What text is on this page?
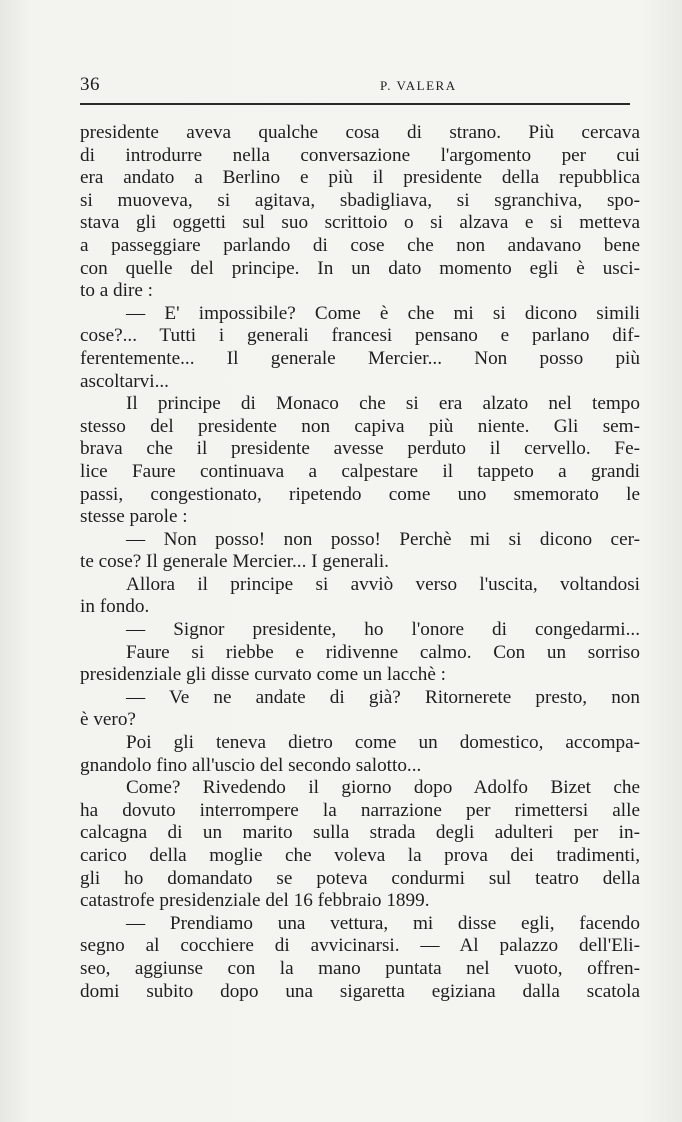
36	P. VALERA
presidente aveva qualche cosa di strano. Più cercava
di introdurre nella conversazione l'argomento per cui
era andato a Berlino e più il presidente della repubblica
si muoveva, si agitava, sbadigliava, si sgranchiva, spo-
stava gli oggetti sul suo scrittoio o si alzava e si metteva
a passeggiare parlando di cose che non andavano bene
con quelle del principe. In un dato momento egli è usci-
to a dire :
— E' impossibile? Come è che mi si dicono simili
cose?... Tutti i generali francesi pensano e parlano dif-
ferentemente... Il generale Mercier... Non posso più
ascoltarvi...
Il principe di Monaco che si era alzato nel tempo
stesso del presidente non capiva più niente. Gli sem-
brava che il presidente avesse perduto il cervello. Fe-
lice Faure continuava a calpestare il tappeto a grandi
passi, congestionato, ripetendo come uno smemorato le
stesse parole :
— Non posso! non posso! Perchè mi si dicono cer-
te cose? Il generale Mercier... I generali.
Allora il principe si avviò verso l'uscita, voltandosi
in fondo.
— Signor presidente, ho l'onore di congedarmi...
Faure si riebbe e ridivenne calmo. Con un sorriso
presidenziale gli disse curvato come un lacchè :
— Ve ne andate di già? Ritornerete presto, non
è vero?
Poi gli teneva dietro come un domestico, accompa-
gnandolo fino all'uscio del secondo salotto...
Come? Rivedendo il giorno dopo Adolfo Bizet che
ha dovuto interrompere la narrazione per rimettersi alle
calcagna di un marito sulla strada degli adulteri per in-
carico della moglie che voleva la prova dei tradimenti,
gli ho domandato se poteva condurmi sul teatro della
catastrofe presidenziale del 16 febbraio 1899.
— Prendiamo una vettura, mi disse egli, facendo
segno al cocchiere di avvicinarsi. — Al palazzo dell'Eli-
seo, aggiunse con la mano puntata nel vuoto, offren-
domi subito dopo una sigaretta egiziana dalla scatola
